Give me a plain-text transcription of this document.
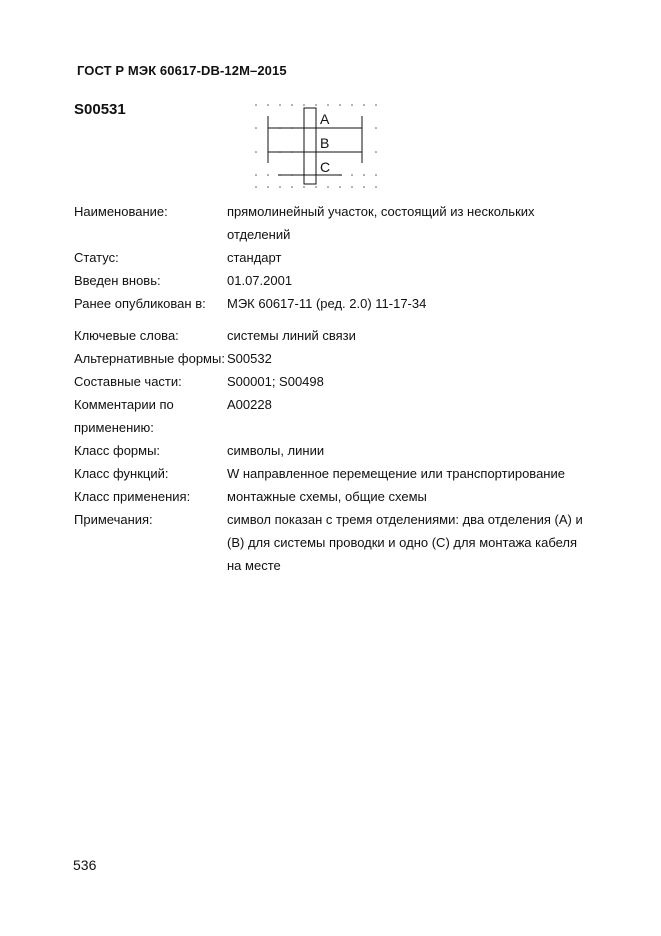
ГОСТ Р МЭК 60617-DB-12M–2015
S00531
A
B
C
Наименование:	прямолинейный участок, состоящий из нескольких отделений
Статус:	стандарт
Введен вновь:	01.07.2001
Ранее опубликован в:	МЭК 60617-11 (ред. 2.0) 11-17-34
Ключевые слова:	системы линий связи
Альтернативные формы: S00532
Составные части:	S00001; S00498
Комментарии по применению:
A00228
Класс формы:	символы, линии
Класс функций:	W направленное перемещение или транспортирование
Класс применения:	монтажные схемы, общие схемы
Примечания:	символ показан с тремя отделениями: два отделения (A) и (B) для системы проводки и одно (C) для монтажа кабеля на месте
536
